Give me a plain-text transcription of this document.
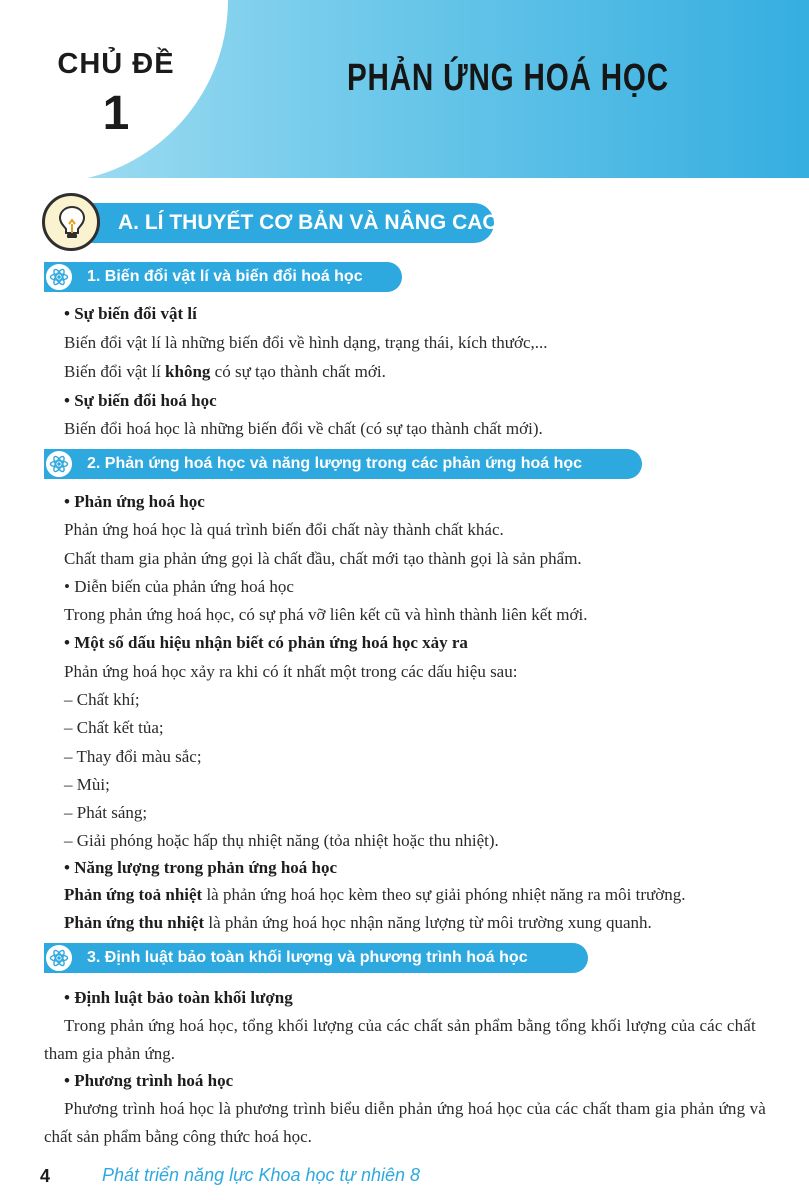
CHỦ ĐỀ
1
PHẢN ỨNG HOÁ HỌC
A. LÍ THUYẾT CƠ BẢN VÀ NÂNG CAO
1. Biến đổi vật lí và biến đổi hoá học
• Sự biến đổi vật lí
Biến đổi vật lí là những biến đổi về hình dạng, trạng thái, kích thước,...
Biến đổi vật lí không có sự tạo thành chất mới.
• Sự biến đổi hoá học
Biến đổi hoá học là những biến đổi về chất (có sự tạo thành chất mới).
2. Phản ứng hoá học và năng lượng trong các phản ứng hoá học
• Phản ứng hoá học
Phản ứng hoá học là quá trình biến đổi chất này thành chất khác.
Chất tham gia phản ứng gọi là chất đầu, chất mới tạo thành gọi là sản phẩm.
• Diễn biến của phản ứng hoá học
Trong phản ứng hoá học, có sự phá vỡ liên kết cũ và hình thành liên kết mới.
• Một số dấu hiệu nhận biết có phản ứng hoá học xảy ra
Phản ứng hoá học xảy ra khi có ít nhất một trong các dấu hiệu sau:
– Chất khí;
– Chất kết tủa;
– Thay đổi màu sắc;
– Mùi;
– Phát sáng;
– Giải phóng hoặc hấp thụ nhiệt năng (tỏa nhiệt hoặc thu nhiệt).
• Năng lượng trong phản ứng hoá học
Phản ứng toả nhiệt là phản ứng hoá học kèm theo sự giải phóng nhiệt năng ra môi trường.
Phản ứng thu nhiệt là phản ứng hoá học nhận năng lượng từ môi trường xung quanh.
3. Định luật bảo toàn khối lượng và phương trình hoá học
• Định luật bảo toàn khối lượng
Trong phản ứng hoá học, tổng khối lượng của các chất sản phẩm bằng tổng khối lượng của các chất
tham gia phản ứng.
• Phương trình hoá học
Phương trình hoá học là phương trình biểu diễn phản ứng hoá học của các chất tham gia phản ứng và
chất sản phẩm bằng công thức hoá học.
4	Phát triển năng lực Khoa học tự nhiên 8
